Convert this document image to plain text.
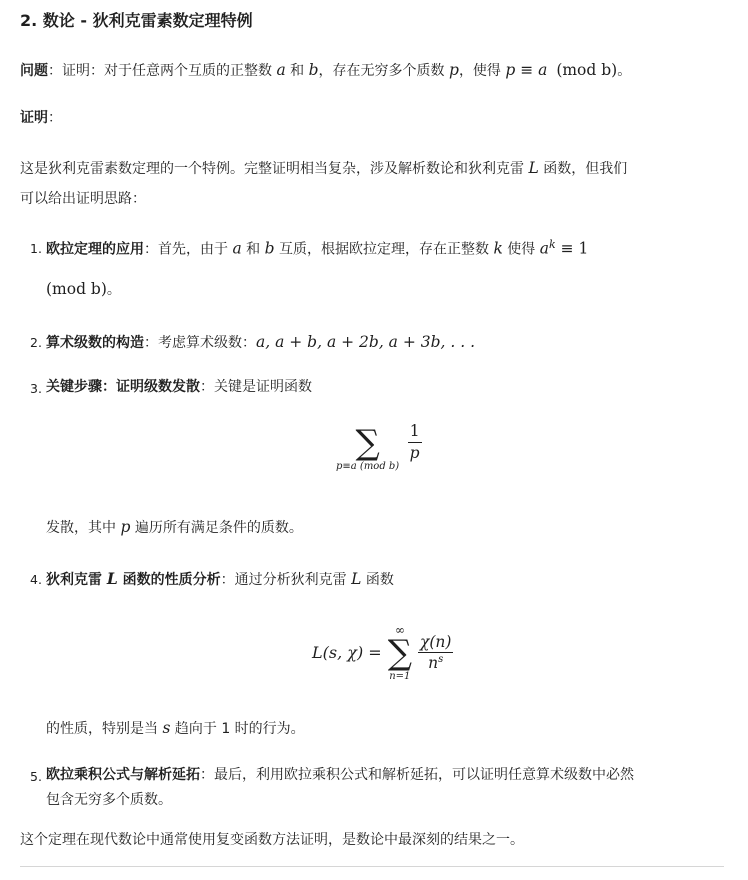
2. 数论 - 狄利克雷素数定理特例
问题：证明：对于任意两个互质的正整数 a 和 b，存在无穷多个质数 p，使得 p ≡ a (mod b)。
证明：
这是狄利克雷素数定理的一个特例。完整证明相当复杂，涉及解析数论和狄利克雷 L 函数，但我们
可以给出证明思路：
1. 欧拉定理的应用：首先，由于 a 和 b 互质，根据欧拉定理，存在正整数 k 使得 $a^k \equiv 1$
(mod b)。
2. 算术级数的构造：考虑算术级数：a, a + b, a + 2b, a + 3b, . . .
3. 关键步骤：证明级数发散：关键是证明函数
∑
p≡a (mod b)

$\frac{1}{p}$
发散，其中 p 遍历所有满足条件的质数。
4. 狄利克雷 L 函数的性质分析：通过分析狄利克雷 L 函数
L(s, χ) =
∞
∑
n=1
$\frac{\chi(n)}{n^s}$
的性质，特别是当 s 趋向于 1 时的行为。
5. 欧拉乘积公式与解析延拓：最后，利用欧拉乘积公式和解析延拓，可以证明任意算术级数中必然
包含无穷多个质数。
这个定理在现代数论中通常使用复变函数方法证明，是数论中最深刻的结果之一。
